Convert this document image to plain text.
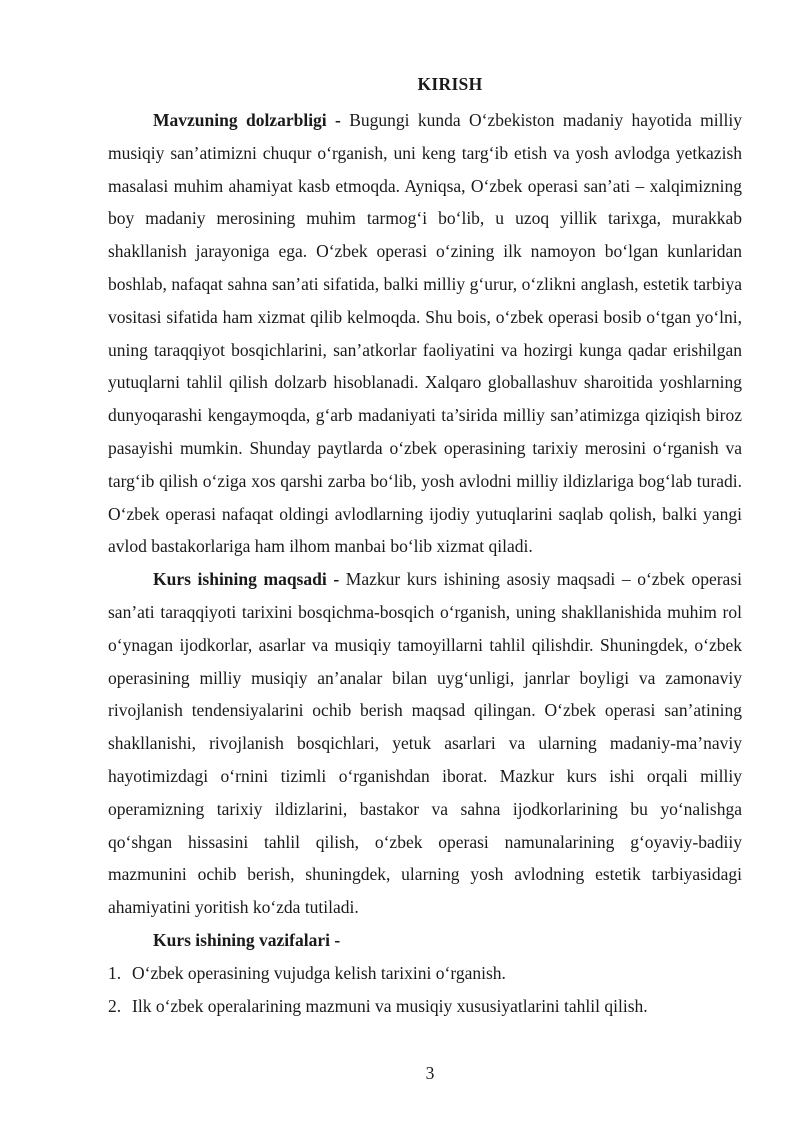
KIRISH

Mavzuning dolzarbligi - Bugungi kunda O‘zbekiston madaniy hayotida milliy musiqiy san’atimizni chuqur o‘rganish, uni keng targ‘ib etish va yosh avlodga yetkazish masalasi muhim ahamiyat kasb etmoqda. Ayniqsa, O‘zbek operasi san’ati – xalqimizning boy madaniy merosining muhim tarmog‘i bo‘lib, u uzoq yillik tarixga, murakkab shakllanish jarayoniga ega. O‘zbek operasi o‘zining ilk namoyon bo‘lgan kunlaridan boshlab, nafaqat sahna san’ati sifatida, balki milliy g‘urur, o‘zlikni anglash, estetik tarbiya vositasi sifatida ham xizmat qilib kelmoqda. Shu bois, o‘zbek operasi bosib o‘tgan yo‘lni, uning taraqqiyot bosqichlarini, san’atkorlar faoliyatini va hozirgi kunga qadar erishilgan yutuqlarni tahlil qilish dolzarb hisoblanadi. Xalqaro globallashuv sharoitida yoshlarning dunyoqarashi kengaymoqda, g‘arb madaniyati ta’sirida milliy san’atimizga qiziqish biroz pasayishi mumkin. Shunday paytlarda o‘zbek operasining tarixiy merosini o‘rganish va targ‘ib qilish o‘ziga xos qarshi zarba bo‘lib, yosh avlodni milliy ildizlariga bog‘lab turadi. O‘zbek operasi nafaqat oldingi avlodlarning ijodiy yutuqlarini saqlab qolish, balki yangi avlod bastakorlariga ham ilhom manbai bo‘lib xizmat qiladi.

Kurs ishining maqsadi - Mazkur kurs ishining asosiy maqsadi – o‘zbek operasi san’ati taraqqiyoti tarixini bosqichma-bosqich o‘rganish, uning shakllanishida muhim rol o‘ynagan ijodkorlar, asarlar va musiqiy tamoyillarni tahlil qilishdir. Shuningdek, o‘zbek operasining milliy musiqiy an’analar bilan uyg‘unligi, janrlar boyligi va zamonaviy rivojlanish tendensiyalarini ochib berish maqsad qilingan. O‘zbek operasi san’atining shakllanishi, rivojlanish bosqichlari, yetuk asarlari va ularning madaniy-ma’naviy hayotimizdagi o‘rnini tizimli o‘rganishdan iborat. Mazkur kurs ishi orqali milliy operamizning tarixiy ildizlarini, bastakor va sahna ijodkorlarining bu yo‘nalishga qo‘shgan hissasini tahlil qilish, o‘zbek operasi namunalarining g‘oyaviy-badiiy mazmunini ochib berish, shuningdek, ularning yosh avlodning estetik tarbiyasidagi ahamiyatini yoritish ko‘zda tutiladi.

Kurs ishining vazifalari -

1. O‘zbek operasining vujudga kelish tarixini o‘rganish.
2. Ilk o‘zbek operalarining mazmuni va musiqiy xususiyatlarini tahlil qilish.
3
